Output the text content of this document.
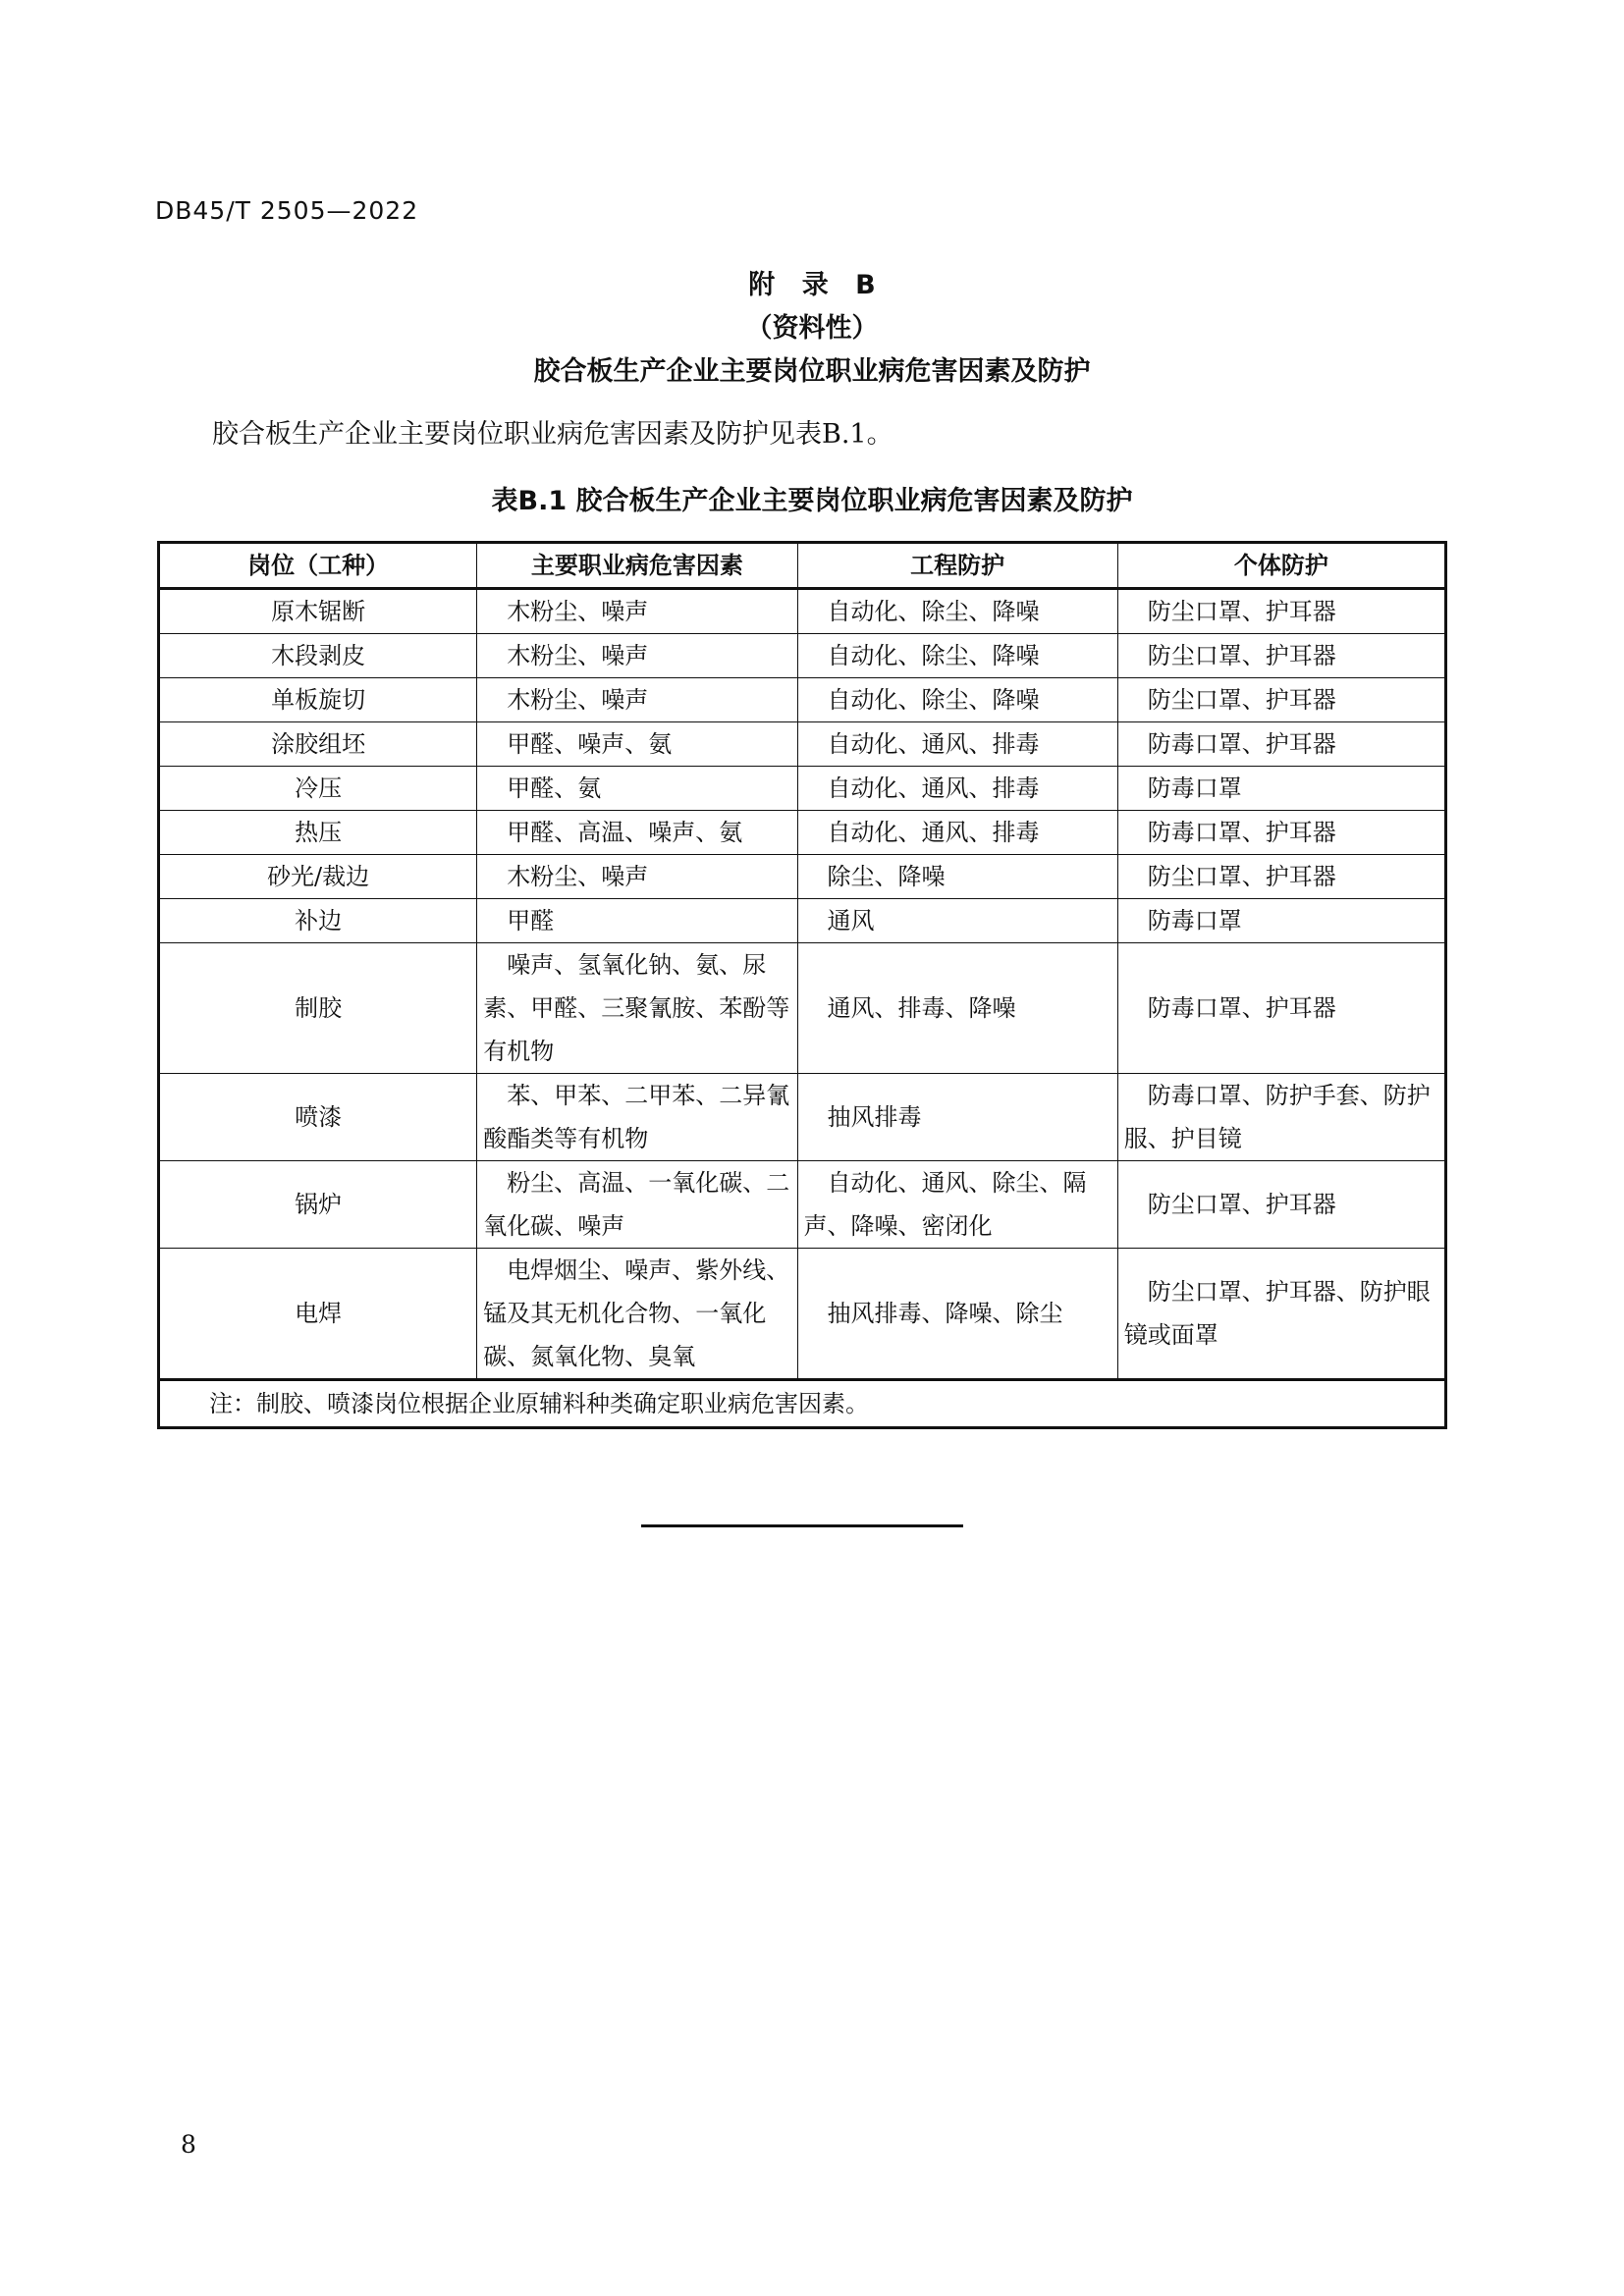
DB45/T 2505—2022
附 录 B
（资料性）
胶合板生产企业主要岗位职业病危害因素及防护
胶合板生产企业主要岗位职业病危害因素及防护见表B.1。
表B.1 胶合板生产企业主要岗位职业病危害因素及防护
岗位（工种）	主要职业病危害因素	工程防护	个体防护
原木锯断	木粉尘、噪声	自动化、除尘、降噪	防尘口罩、护耳器
木段剥皮	木粉尘、噪声	自动化、除尘、降噪	防尘口罩、护耳器
单板旋切	木粉尘、噪声	自动化、除尘、降噪	防尘口罩、护耳器
涂胶组坯	甲醛、噪声、氨	自动化、通风、排毒	防毒口罩、护耳器
冷压	甲醛、氨	自动化、通风、排毒	防毒口罩
热压	甲醛、高温、噪声、氨	自动化、通风、排毒	防毒口罩、护耳器
砂光/裁边	木粉尘、噪声	除尘、降噪	防尘口罩、护耳器
补边	甲醛	通风	防毒口罩
制胶	噪声、氢氧化钠、氨、尿素、甲醛、三聚氰胺、苯酚等有机物	通风、排毒、降噪	防毒口罩、护耳器
喷漆	苯、甲苯、二甲苯、二异氰酸酯类等有机物	抽风排毒	防毒口罩、防护手套、防护服、护目镜
锅炉	粉尘、高温、一氧化碳、二氧化碳、噪声	自动化、通风、除尘、隔声、降噪、密闭化	防尘口罩、护耳器
电焊	电焊烟尘、噪声、紫外线、锰及其无机化合物、一氧化碳、氮氧化物、臭氧	抽风排毒、降噪、除尘	防尘口罩、护耳器、防护眼镜或面罩
注：制胶、喷漆岗位根据企业原辅料种类确定职业病危害因素。			
8
